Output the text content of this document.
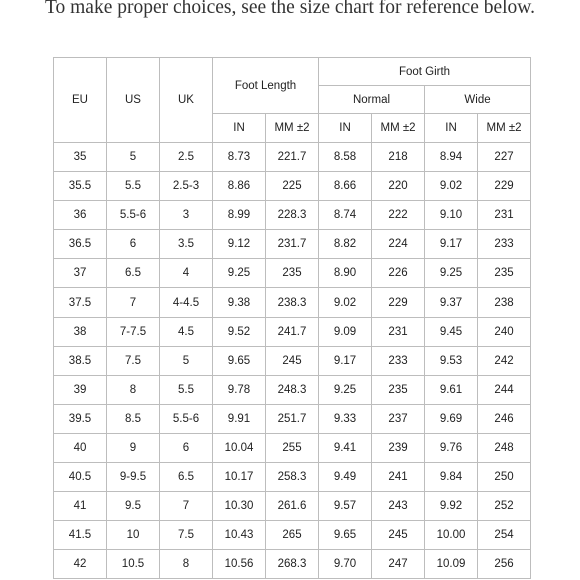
To make proper choices, see the size chart for reference below.
EU	US	UK	Foot Length		Foot Girth			
					Normal		Wide	
			IN	MM ±2	IN	MM ±2	IN	MM ±2
35	5	2.5	8.73	221.7	8.58	218	8.94	227
35.5	5.5	2.5-3	8.86	225	8.66	220	9.02	229
36	5.5-6	3	8.99	228.3	8.74	222	9.10	231
36.5	6	3.5	9.12	231.7	8.82	224	9.17	233
37	6.5	4	9.25	235	8.90	226	9.25	235
37.5	7	4-4.5	9.38	238.3	9.02	229	9.37	238
38	7-7.5	4.5	9.52	241.7	9.09	231	9.45	240
38.5	7.5	5	9.65	245	9.17	233	9.53	242
39	8	5.5	9.78	248.3	9.25	235	9.61	244
39.5	8.5	5.5-6	9.91	251.7	9.33	237	9.69	246
40	9	6	10.04	255	9.41	239	9.76	248
40.5	9-9.5	6.5	10.17	258.3	9.49	241	9.84	250
41	9.5	7	10.30	261.6	9.57	243	9.92	252
41.5	10	7.5	10.43	265	9.65	245	10.00	254
42	10.5	8	10.56	268.3	9.70	247	10.09	256
